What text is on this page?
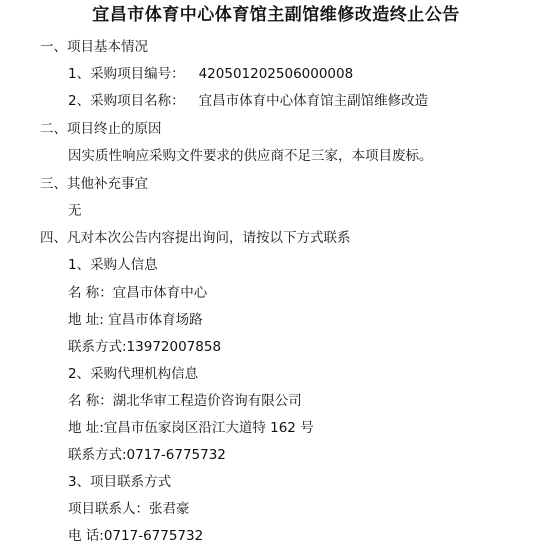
宜昌市体育中心体育馆主副馆维修改造终止公告
一、项目基本情况
1、采购项目编号： 420501202506000008
2、采购项目名称： 宜昌市体育中心体育馆主副馆维修改造
二、项目终止的原因
因实质性响应采购文件要求的供应商不足三家，本项目废标。
三、其他补充事宜
无
四、凡对本次公告内容提出询问，请按以下方式联系
1、采购人信息
名 称：宜昌市体育中心
地 址: 宜昌市体育场路
联系方式:13972007858
2、采购代理机构信息
名 称：湖北华审工程造价咨询有限公司
地 址:宜昌市伍家岗区沿江大道特 162 号
联系方式:0717-6775732
3、项目联系方式
项目联系人：张君豪
电 话:0717-6775732
